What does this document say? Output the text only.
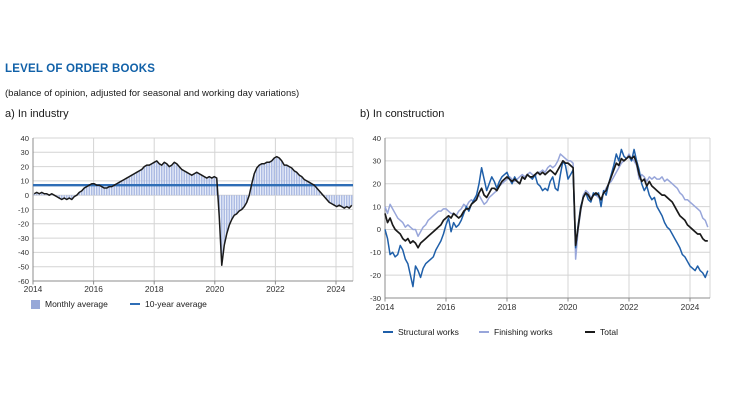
LEVEL OF ORDER BOOKS
(balance of opinion, adjusted for seasonal and working day variations)
a) In industry	b) In construction
40
30
20
10
0
-10
-20
-30
-40
-50
-60
2014	2016	2018	2020	2022	2024
40
30
20
10
0
-10
-20
-30
2014	2016	2018	2020	2022	2024
Monthly average	10-year average
Structural works	Finishing works	Total
